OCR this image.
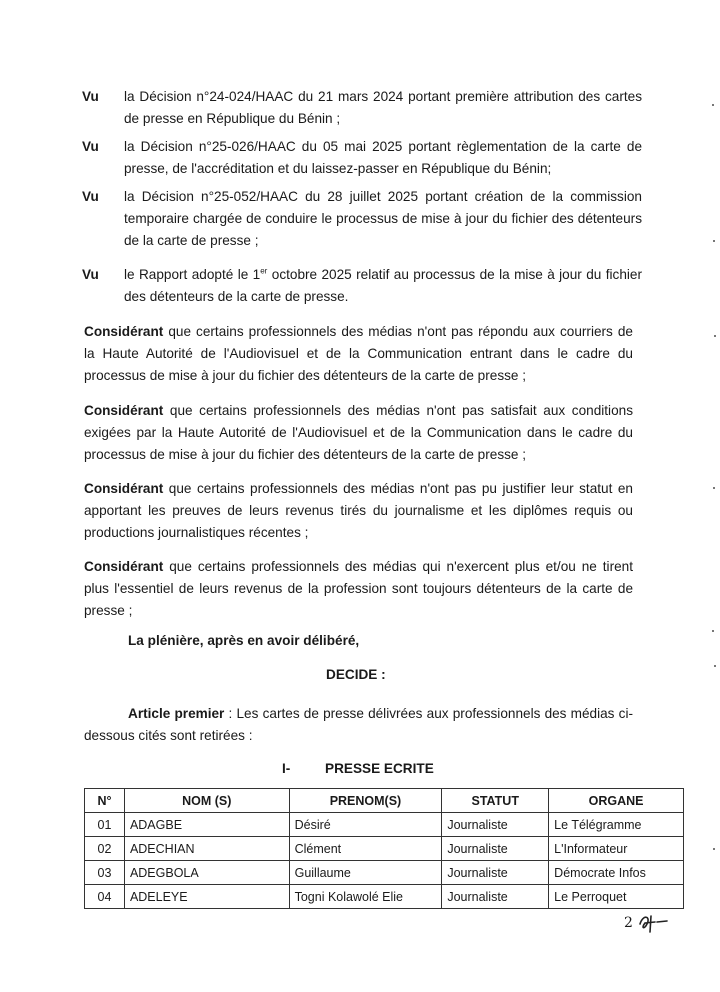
Vu la Décision n°24-024/HAAC du 21 mars 2024 portant première attribution des cartes de presse en République du Bénin ;
Vu la Décision n°25-026/HAAC du 05 mai 2025 portant règlementation de la carte de presse, de l'accréditation et du laissez-passer en République du Bénin;
Vu la Décision n°25-052/HAAC du 28 juillet 2025 portant création de la commission temporaire chargée de conduire le processus de mise à jour du fichier des détenteurs de la carte de presse ;
Vu le Rapport adopté le 1er octobre 2025 relatif au processus de la mise à jour du fichier des détenteurs de la carte de presse.
Considérant que certains professionnels des médias n'ont pas répondu aux courriers de la Haute Autorité de l'Audiovisuel et de la Communication entrant dans le cadre du processus de mise à jour du fichier des détenteurs de la carte de presse ;
Considérant que certains professionnels des médias n'ont pas satisfait aux conditions exigées par la Haute Autorité de l'Audiovisuel et de la Communication dans le cadre du processus de mise à jour du fichier des détenteurs de la carte de presse ;
Considérant que certains professionnels des médias n'ont pas pu justifier leur statut en apportant les preuves de leurs revenus tirés du journalisme et les diplômes requis ou productions journalistiques récentes ;
Considérant que certains professionnels des médias qui n'exercent plus et/ou ne tirent plus l'essentiel de leurs revenus de la profession sont toujours détenteurs de la carte de presse ;
La plénière, après en avoir délibéré,
DECIDE :
Article premier : Les cartes de presse délivrées aux professionnels des médias ci-dessous cités sont retirées :
I-	PRESSE ECRITE
N°	NOM (S)	PRENOM(S)	STATUT	ORGANE
01	ADAGBE	Désiré	Journaliste	Le Télégramme
02	ADECHIAN	Clément	Journaliste	L'Informateur
03	ADEGBOLA	Guillaume	Journaliste	Démocrate Infos
04	ADELEYE	Togni Kolawolé Elie	Journaliste	Le Perroquet
2
